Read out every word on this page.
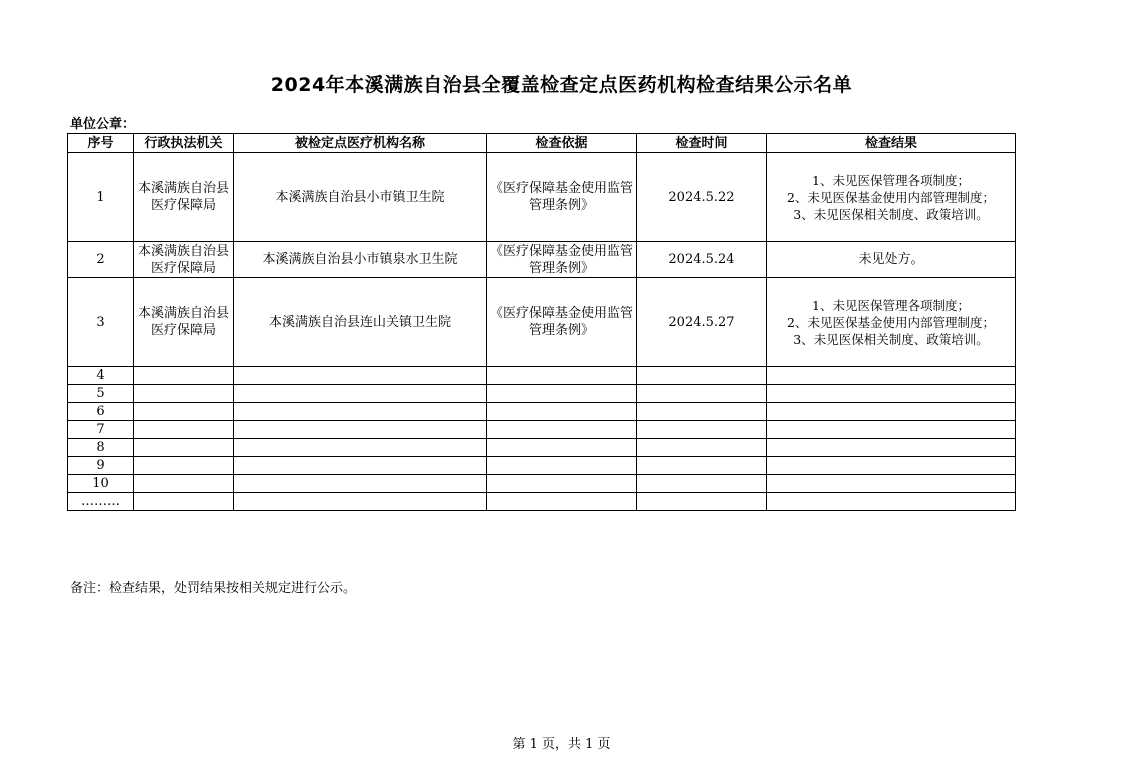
2024年本溪满族自治县全覆盖检查定点医药机构检查结果公示名单
单位公章：
序号	行政执法机关	被检定点医疗机构名称	检查依据	检查时间	检查结果
1	本溪满族自治县医疗保障局	本溪满族自治县小市镇卫生院	《医疗保障基金使用监管管理条例》	2024.5.22	1、未见医保管理各项制度；
2、未见医保基金使用内部管理制度；
3、未见医保相关制度、政策培训。

2	本溪满族自治县医疗保障局	本溪满族自治县小市镇泉水卫生院	《医疗保障基金使用监管管理条例》	2024.5.24	未见处方。
3	本溪满族自治县医疗保障局	本溪满族自治县连山关镇卫生院	《医疗保障基金使用监管管理条例》	2024.5.27	1、未见医保管理各项制度；
2、未见医保基金使用内部管理制度；
3、未见医保相关制度、政策培训。

4					
5					
6					
7					
8					
9					
10					
………					
备注：检查结果，处罚结果按相关规定进行公示。
第 1 页，共 1 页
